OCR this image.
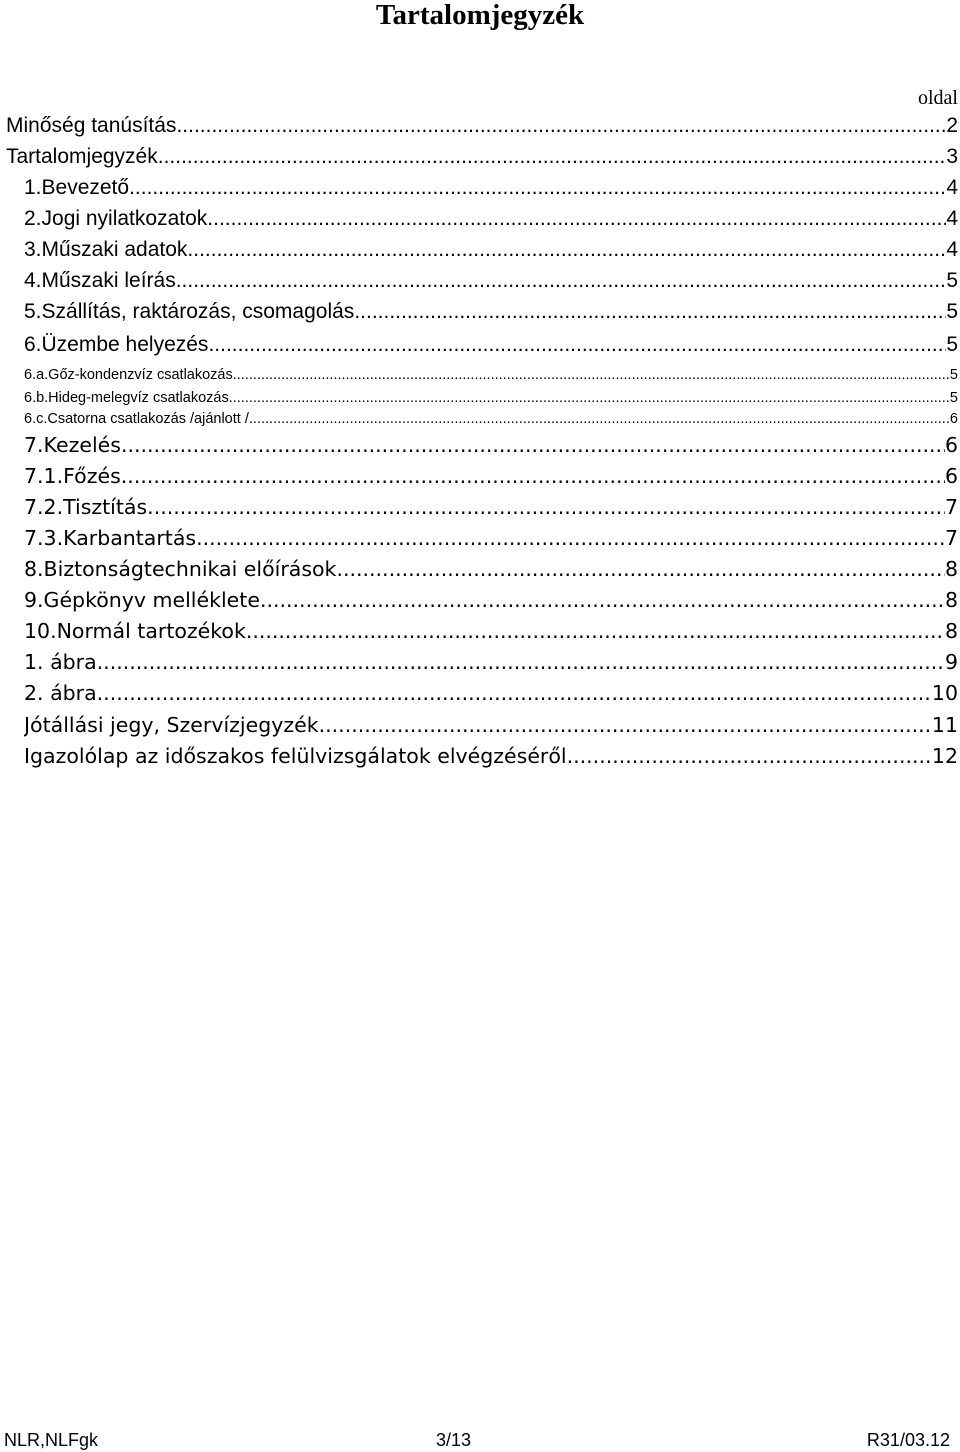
Tartalomjegyzék
oldal
Minőség tanúsítás .....	2
Tartalomjegyzék .....	3
1.Bevezető .....	4
2.Jogi nyilatkozatok .....	4
3.Műszaki adatok .....	4
4.Műszaki leírás .....	5
5.Szállítás, raktározás, csomagolás .....	5
6.Üzembe helyezés .....	5
6.a.Gőz-kondenzvíz csatlakozás .....	5
6.b.Hideg-melegvíz csatlakozás .....	5
6.c.Csatorna csatlakozás /ajánlott / .....	6
7.Kezelés .....	6
7.1.Főzés .....	6
7.2.Tisztítás .....	7
7.3.Karbantartás .....	7
8.Biztonságtechnikai előírások .....	8
9.Gépkönyv melléklete .....	8
10.Normál tartozékok .....	8
1. ábra .....	9
2. ábra .....	10
Jótállási jegy, Szervízjegyzék .....	11
Igazolólap az időszakos felülvizsgálatok elvégzéséről .....	12
NLR,NLFgk	3/13	R31/03.12
